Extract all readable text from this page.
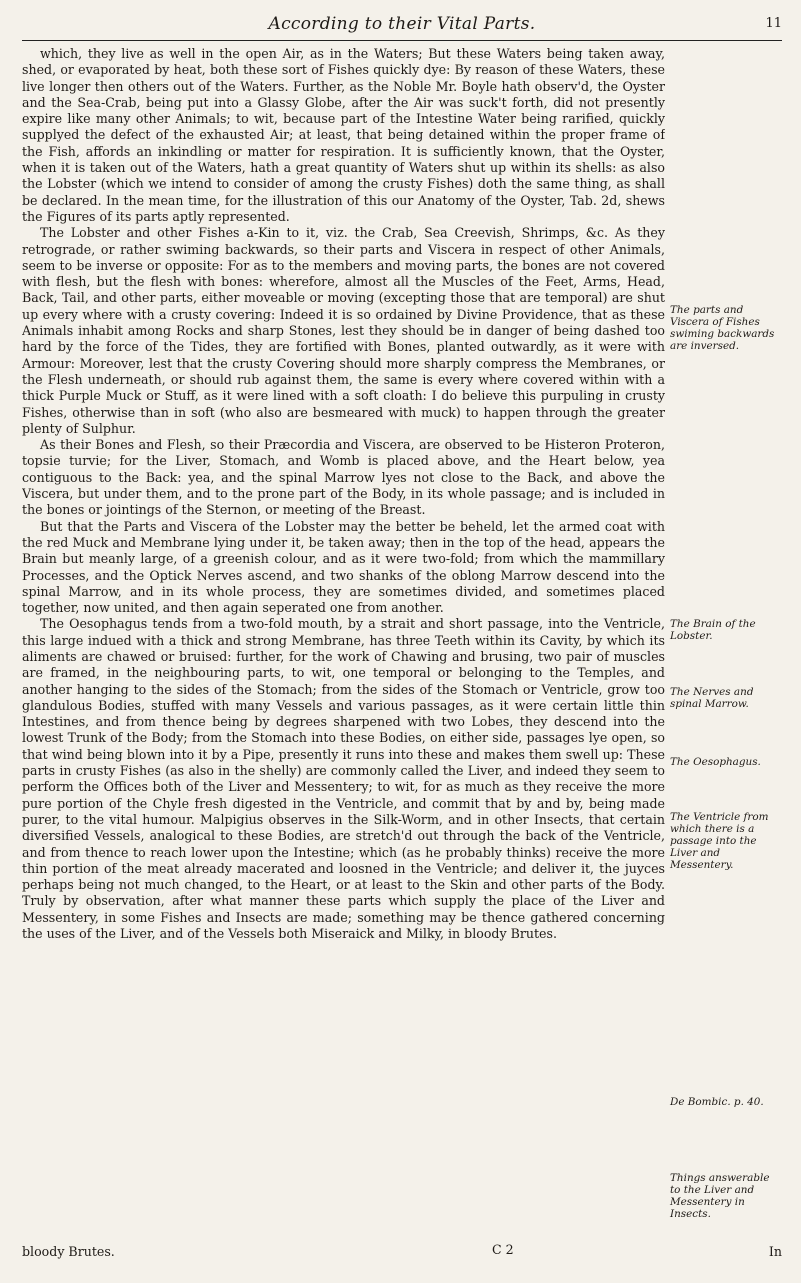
According to their Vital Parts.	11

which, they live as well in the open Air, as in the Waters; But these Waters being taken away, shed, or evaporated by heat, both these sort of Fishes quickly dye: By reason of these Waters, these live longer then others out of the Waters. Further, as the Noble Mr. Boyle hath observ'd, the Oyster and the Sea-Crab, being put into a Glassy Globe, after the Air was suck't forth, did not presently expire like many other Animals; to wit, because part of the Intestine Water being rarified, quickly supplyed the defect of the exhausted Air; at least, that being detained within the proper frame of the Fish, affords an inkindling or matter for respiration. It is sufficiently known, that the Oyster, when it is taken out of the Waters, hath a great quantity of Waters shut up within its shells: as also the Lobster (which we intend to consider of among the crusty Fishes) doth the same thing, as shall be declared. In the mean time, for the illustration of this our Anatomy of the Oyster, Tab. 2d, shews the Figures of its parts aptly represented.

The Lobster and other Fishes a-Kin to it, viz. the Crab, Sea Creevish, Shrimps, &c. As they retrograde, or rather swiming backwards, so their parts and Viscera in respect of other Animals, seem to be inverse or opposite: For as to the members and moving parts, the bones are not covered with flesh, but the flesh with bones: wherefore, almost all the Muscles of the Feet, Arms, Head, Back, Tail, and other parts, either moveable or moving (excepting those that are temporal) are shut up every where with a crusty covering: Indeed it is so ordained by Divine Providence, that as these Animals inhabit among Rocks and sharp Stones, lest they should be in danger of being dashed too hard by the force of the Tides, they are fortified with Bones, planted outwardly, as it were with Armour: Moreover, lest that the crusty Covering should more sharply compress the Membranes, or the Flesh underneath, or should rub against them, the same is every where covered within with a thick Purple Muck or Stuff, as it were lined with a soft cloath: I do believe this purpuling in crusty Fishes, otherwise than in soft (who also are besmeared with muck) to happen through the greater plenty of Sulphur.

As their Bones and Flesh, so their Præcordia and Viscera, are observed to be Histeron Proteron, topsie turvie; for the Liver, Stomach, and Womb is placed above, and the Heart below, yea contiguous to the Back: yea, and the spinal Marrow lyes not close to the Back, and above the Viscera, but under them, and to the prone part of the Body, in its whole passage; and is included in the bones or jointings of the Sternon, or meeting of the Breast.

But that the Parts and Viscera of the Lobster may the better be beheld, let the armed coat with the red Muck and Membrane lying under it, be taken away; then in the top of the head, appears the Brain but meanly large, of a greenish colour, and as it were two-fold; from which the mammillary Processes, and the Optick Nerves ascend, and two shanks of the oblong Marrow descend into the spinal Marrow, and in its whole process, they are sometimes divided, and sometimes placed together, now united, and then again seperated one from another.

The Oesophagus tends from a two-fold mouth, by a strait and short passage, into the Ventricle, this large indued with a thick and strong Membrane, has three Teeth within its Cavity, by which its aliments are chawed or bruised: further, for the work of Chawing and brusing, two pair of muscles are framed, in the neighbouring parts, to wit, one temporal or belonging to the Temples, and another hanging to the sides of the Stomach; from the sides of the Stomach or Ventricle, grow too glandulous Bodies, stuffed with many Vessels and various passages, as it were certain little thin Intestines, and from thence being by degrees sharpened with two Lobes, they descend into the lowest Trunk of the Body; from the Stomach into these Bodies, on either side, passages lye open, so that wind being blown into it by a Pipe, presently it runs into these and makes them swell up: These parts in crusty Fishes (as also in the shelly) are commonly called the Liver, and indeed they seem to perform the Offices both of the Liver and Messentery; to wit, for as much as they receive the more pure portion of the Chyle fresh digested in the Ventricle, and commit that by and by, being made purer, to the vital humour. Malpigius observes in the Silk-Worm, and in other Insects, that certain diversified Vessels, analogical to these Bodies, are stretch'd out through the back of the Ventricle, and from thence to reach lower upon the Intestine; which (as he probably thinks) receive the more thin portion of the meat already macerated and loosned in the Ventricle; and deliver it, the juyces perhaps being not much changed, to the Heart, or at least to the Skin and other parts of the Body. Truly by observation, after what manner these parts which supply the place of the Liver and Messentery, in some Fishes and Insects are made; something may be thence gathered concerning the uses of the Liver, and of the Vessels both Miseraick and Milky, in bloody Brutes.

The parts and Viscera of Fishes swiming backwards are inversed.
The Brain of the Lobster.
The Nerves and spinal Marrow.
The Oesophagus.
The Ventricle from which there is a passage into the Liver and Messentery.
De Bombic. p. 40.
Things answerable to the Liver and Messentery in Insects.
bloody Brutes.	C 2	In
